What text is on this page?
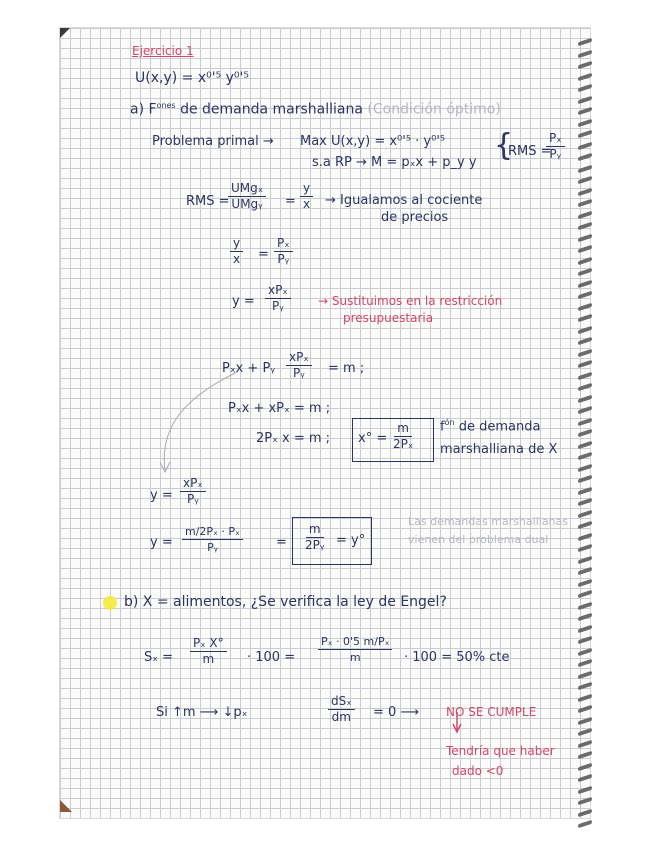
Ejercicio 1
U(x,y) = x⁰'⁵ y⁰'⁵
a) $F^{ones}$ de demanda marshalliana (Condición óptimo)
Problema primal → Max U(x,y) = x⁰'⁵ · y⁰'⁵
s.a RP → M = pₓx + p_y y {
RMS =
$\frac{\text{Pₓ}}{\text{Pᵧ}}$
RMS =
UMgₓ
UMgᵧ = $\frac{y}{x}$ → Igualamos al cociente
de precios
$\frac{y}{x} = \frac{\text{Pₓ}}{\text{Pᵧ}}$
y =
xPₓ
Pᵧ	→ Sustituimos en la restricción
presupuestaria
Pₓx + Pᵧ
xPₓ
Pᵧ = m ;
Pₓx + xPₓ = m ;
2Pₓ x = m ; $x^\circ = \frac{m}{\text{2Pₓ}} f^{ón}$ de demanda
marshalliana de X
y =
xPₓ
Pᵧ
$y = \frac{\text{m/2Pₓ · Pₓ}}{\text{Pᵧ}}$	= $\frac{m}{\text{2Pᵧ}} = y^\circ$
Las demandas marshallianas
vienen del problema dual
b) X = alimentos, ¿Se verifica la ley de Engel?
$S_x = \frac{\text{Pₓ X°}}{m} \cdot 100 = \frac{\text{Pₓ · 0'5 m/Pₓ}}{m} \cdot 100 = 50\%$ cte
Si ↑m ⟶ ↓pₓ
dSₓ
dm = 0 ⟶ NO SE CUMPLE
Tendría que haber
dado <0
